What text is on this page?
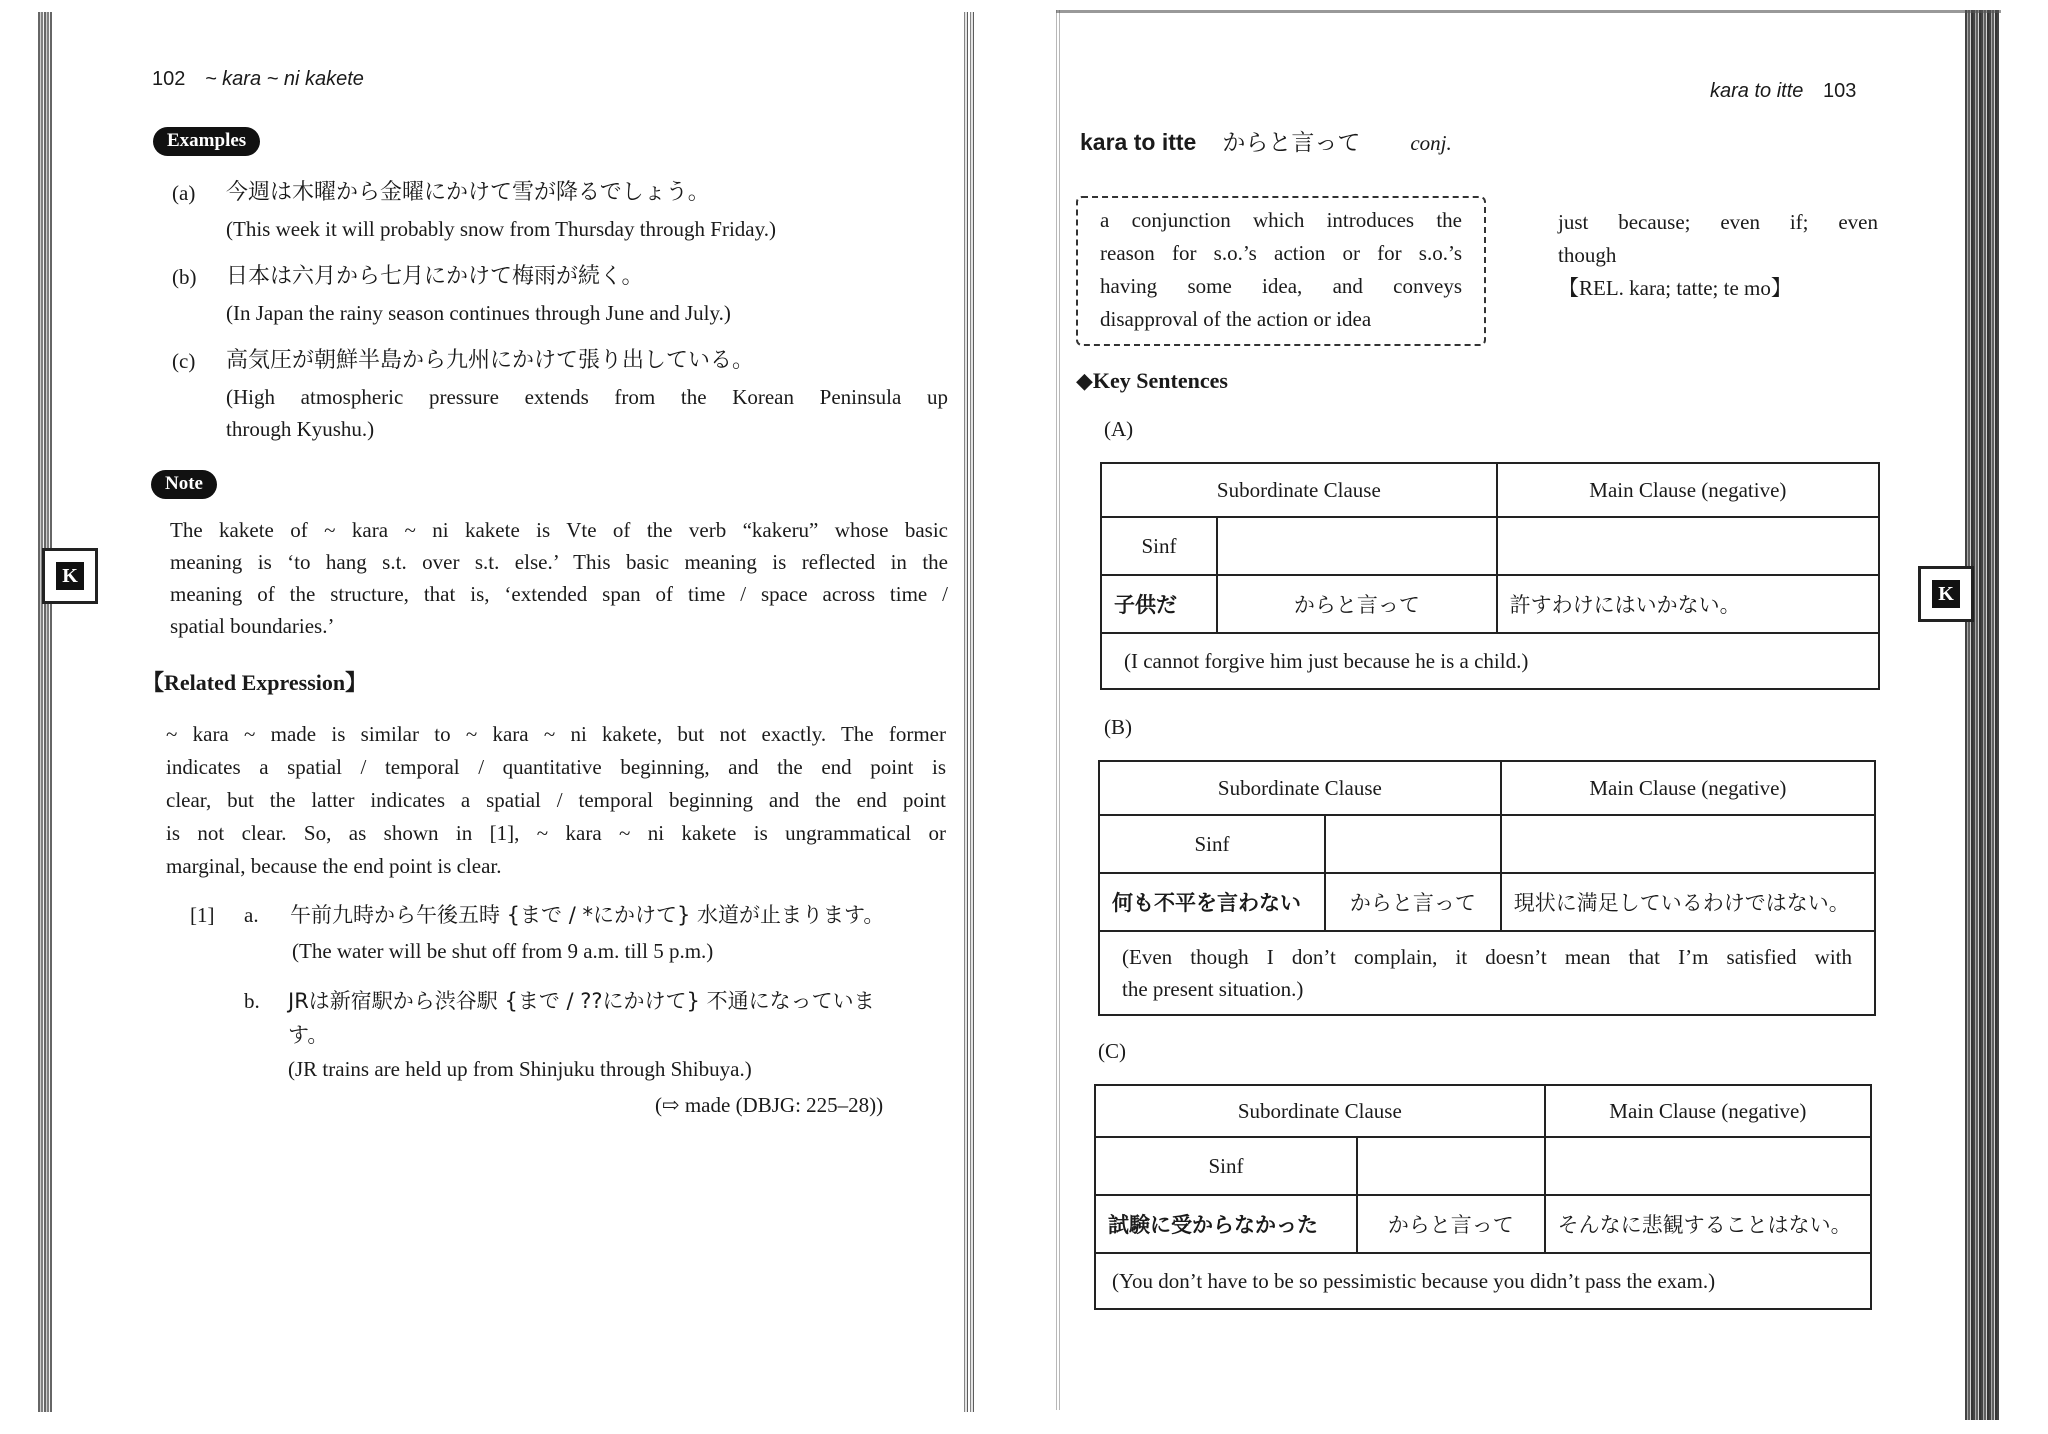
102 ~ kara ~ ni kakete
Examples
(a) 今週は木曜から金曜にかけて雪が降るでしょう。
(This week it will probably snow from Thursday through Friday.)
(b) 日本は六月から七月にかけて梅雨が続く。
(In Japan the rainy season continues through June and July.)
(c) 高気圧が朝鮮半島から九州にかけて張り出している。
(High atmospheric pressure extends from the Korean Peninsula up
through Kyushu.)
Note
The kakete of ~ kara ~ ni kakete is Vte of the verb “kakeru” whose basic
meaning is ‘to hang s.t. over s.t. else.’ This basic meaning is reflected in the
meaning of the structure, that is, ‘extended span of time / space across time /
spatial boundaries.’
【Related Expression】
~ kara ~ made is similar to ~ kara ~ ni kakete, but not exactly. The former
indicates a spatial / temporal / quantitative beginning, and the end point is
clear, but the latter indicates a spatial / temporal beginning and the end point
is not clear. So, as shown in [1], ~ kara ~ ni kakete is ungrammatical or
marginal, because the end point is clear.
[1] a. 午前九時から午後五時 {まで / *にかけて} 水道が止まります。
(The water will be shut off from 9 a.m. till 5 p.m.)
b. JRは新宿駅から渋谷駅 {まで / ??にかけて} 不通になっていま
す。
(JR trains are held up from Shinjuku through Shibuya.)
(⇨ made (DBJG: 225–28))
K
kara to itte 103
kara to itte からと言って conj.
a conjunction which introduces the
reason for s.o.’s action or for s.o.’s
having some idea, and conveys
disapproval of the action or idea
just because; even if; even
though
【REL. kara; tatte; te mo】
◆Key Sentences
(A)
Subordinate Clause		Main Clause (negative)
Sinf		
子供だ	からと言って	許すわけにはいかない。
(I cannot forgive him just because he is a child.)		
(B)
Subordinate Clause		Main Clause (negative)
Sinf		
何も不平を言わない	からと言って	現状に満足しているわけではない。

(Even though I don’t complain, it doesn’t mean that I’m satisfied with
the present situation.)		
(C)
Subordinate Clause		Main Clause (negative)
Sinf		
試験に受からなかった	からと言って	そんなに悲観することはない。
(You don’t have to be so pessimistic because you didn’t pass the exam.)		
K
